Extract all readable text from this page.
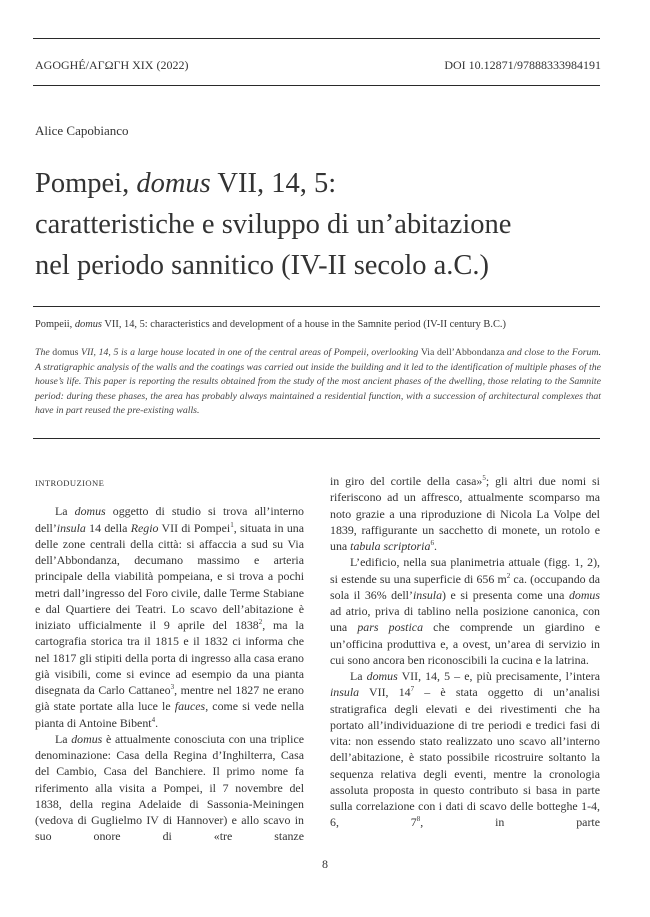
AGOGHÉ/ΑΓΩΓΗ XIX (2022)	DOI 10.12871/97888333984191
Alice Capobianco
Pompei, domus VII, 14, 5:
caratteristiche e sviluppo di un’abitazione
nel periodo sannitico (IV-II secolo a.C.)
Pompeii, domus VII, 14, 5: characteristics and development of a house in the Samnite period (IV-II century B.C.)
The domus VII, 14, 5 is a large house located in one of the central areas of Pompeii, overlooking Via dell’Abbondanza and close to the Forum. A stratigraphic analysis of the walls and the coatings was carried out inside the building and it led to the identification of multiple phases of the house’s life. This paper is reporting the results obtained from the study of the most ancient phases of the dwelling, those relating to the Samnite period: during these phases, the area has probably always maintained a residential function, with a succession of architectural complexes that have in part reused the pre-existing walls.
INTRODUZIONE

La domus oggetto di studio si trova all’interno dell’insula 14 della Regio VII di Pompei$^1$, situata in una delle zone centrali della città: si affaccia a sud su Via dell’Abbondanza, decumano massimo e arteria principale della viabilità pompeiana, e si trova a pochi metri dall’ingresso del Foro civile, dalle Terme Stabiane e dal Quartiere dei Teatri. Lo scavo dell’abitazione è iniziato ufficialmente il 9 aprile del 1838$^2$, ma la cartografia storica tra il 1815 e il 1832 ci informa che nel 1817 gli stipiti della porta di ingresso alla casa erano già visibili, come si evince ad esempio da una pianta disegnata da Carlo Cattaneo$^3$, mentre nel 1827 ne erano già state portate alla luce le fauces, come si vede nella pianta di Antoine Bibent$^4$.

La domus è attualmente conosciuta con una triplice denominazione: Casa della Regina d’Inghilterra, Casa del Cambio, Casa del Banchiere. Il primo nome fa riferimento alla visita a Pompei, il 7 novembre del 1838, della regina Adelaide di Sassonia-Meiningen (vedova di Guglielmo IV di Hannover) e allo scavo in suo onore di «tre stanze

in giro del cortile della casa»$^5$; gli altri due nomi si riferiscono ad un affresco, attualmente scomparso ma noto grazie a una riproduzione di Nicola La Volpe del 1839, raffigurante un sacchetto di monete, un rotolo e una tabula scriptoria$^6$.

L’edificio, nella sua planimetria attuale (figg. 1, 2), si estende su una superficie di 656 $m^2$ ca. (occupando da sola il 36% dell’insula) e si presenta come una domus ad atrio, priva di tablino nella posizione canonica, con una pars postica che comprende un giardino e un’officina produttiva e, a ovest, un’area di servizio in cui sono ancora ben riconoscibili la cucina e la latrina.

La domus VII, 14, 5 – e, più precisamente, l’intera insula VII, $14^7$ – è stata oggetto di un’analisi stratigrafica degli elevati e dei rivestimenti che ha portato all’individuazione di tre periodi e tredici fasi di vita: non essendo stato realizzato uno scavo all’interno dell’abitazione, è stato possibile ricostruire soltanto la sequenza relativa degli eventi, mentre la cronologia assoluta proposta in questo contributo si basa in parte sulla correlazione con i dati di scavo delle botteghe 1-4, 6, $7^8$, in parte

8
